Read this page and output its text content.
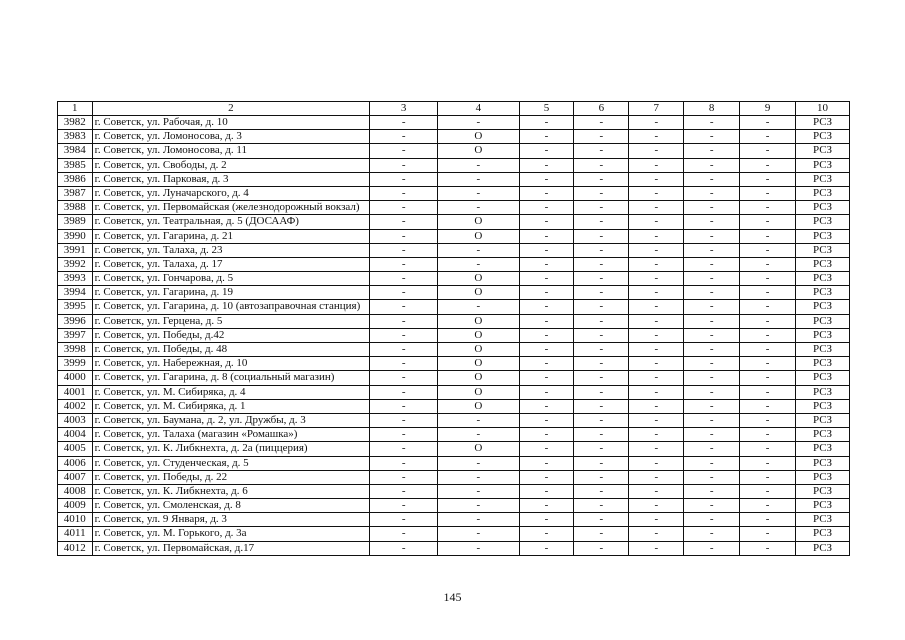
1	2	3	4	5	6	7	8	9	10
3982	г. Советск, ул. Рабочая, д. 10	-	-	-	-	-	-	-	РСЗ
3983	г. Советск, ул. Ломоносова, д. 3	-	О	-	-	-	-	-	РСЗ
3984	г. Советск, ул. Ломоносова, д. 11	-	О	-	-	-	-	-	РСЗ
3985	г. Советск, ул. Свободы, д. 2	-	-	-	-	-	-	-	РСЗ
3986	г. Советск, ул. Парковая, д. 3	-	-	-	-	-	-	-	РСЗ
3987	г. Советск, ул. Луначарского, д. 4	-	-	-	-	-	-	-	РСЗ
3988	г. Советск, ул. Первомайская (железнодорожный вокзал)	-	-	-	-	-	-	-	РСЗ
3989	г. Советск, ул. Театральная, д. 5 (ДОСААФ)	-	О	-	-	-	-	-	РСЗ
3990	г. Советск, ул. Гагарина, д. 21	-	О	-	-	-	-	-	РСЗ
3991	г. Советск, ул. Талаха, д. 23	-	-	-	-	-	-	-	РСЗ
3992	г. Советск, ул. Талаха, д. 17	-	-	-	-	-	-	-	РСЗ
3993	г. Советск, ул. Гончарова, д. 5	-	О	-	-	-	-	-	РСЗ
3994	г. Советск, ул. Гагарина, д. 19	-	О	-	-	-	-	-	РСЗ
3995	г. Советск, ул. Гагарина, д. 10 (автозаправочная станция)	-	-	-	-	-	-	-	РСЗ
3996	г. Советск, ул. Герцена, д. 5	-	О	-	-	-	-	-	РСЗ
3997	г. Советск, ул. Победы, д.42	-	О	-	-	-	-	-	РСЗ
3998	г. Советск, ул. Победы, д. 48	-	О	-	-	-	-	-	РСЗ
3999	г. Советск, ул. Набережная, д. 10	-	О	-	-	-	-	-	РСЗ
4000	г. Советск, ул. Гагарина, д. 8 (социальный магазин)	-	О	-	-	-	-	-	РСЗ
4001	г. Советск, ул. М. Сибиряка, д. 4	-	О	-	-	-	-	-	РСЗ
4002	г. Советск, ул. М. Сибиряка, д. 1	-	О	-	-	-	-	-	РСЗ
4003	г. Советск, ул. Баумана, д. 2, ул. Дружбы, д. 3	-	-	-	-	-	-	-	РСЗ
4004	г. Советск, ул. Талаха (магазин «Ромашка»)	-	-	-	-	-	-	-	РСЗ
4005	г. Советск, ул. К. Либкнехта, д. 2а (пиццерия)	-	О	-	-	-	-	-	РСЗ
4006	г. Советск, ул. Студенческая, д. 5	-	-	-	-	-	-	-	РСЗ
4007	г. Советск, ул. Победы, д. 22	-	-	-	-	-	-	-	РСЗ
4008	г. Советск, ул. К. Либкнехта, д. 6	-	-	-	-	-	-	-	РСЗ
4009	г. Советск, ул. Смоленская, д. 8	-	-	-	-	-	-	-	РСЗ
4010	г. Советск, ул. 9 Января, д. 3	-	-	-	-	-	-	-	РСЗ
4011	г. Советск, ул. М. Горького, д. 3а	-	-	-	-	-	-	-	РСЗ
4012	г. Советск, ул. Первомайская, д.17	-	-	-	-	-	-	-	РСЗ
145
